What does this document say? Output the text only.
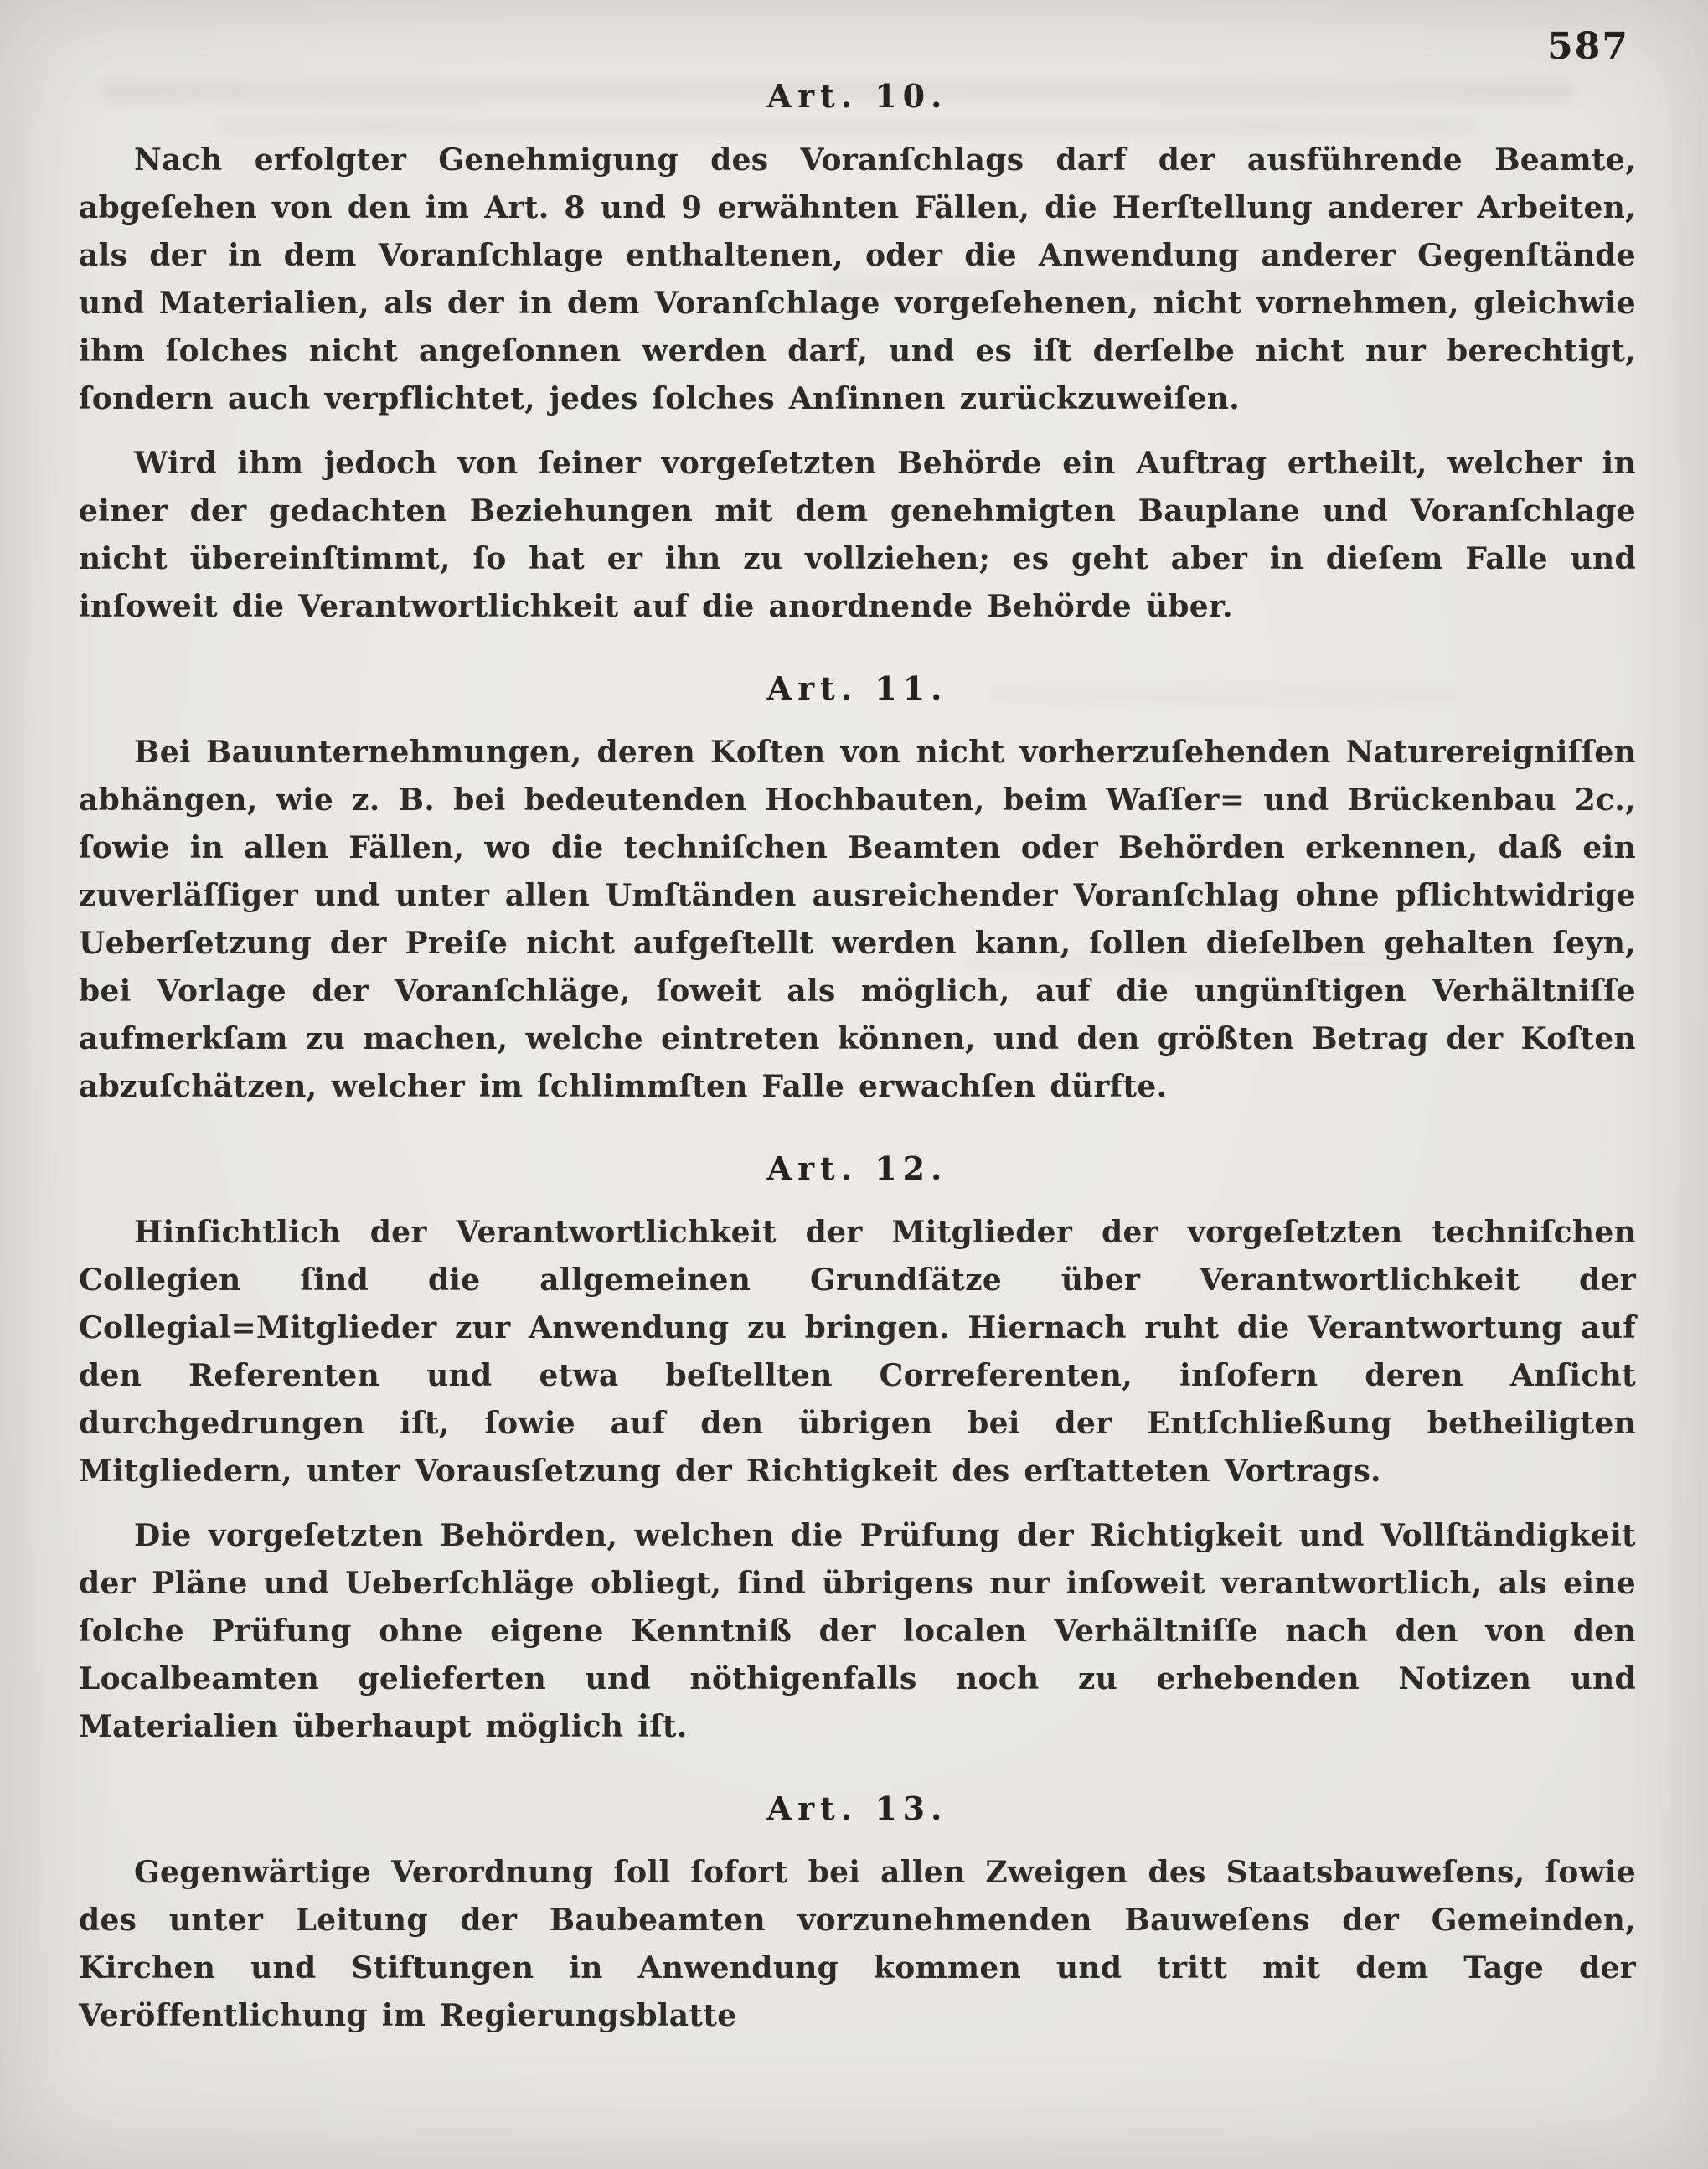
587
Art. 10.

Nach erfolgter Genehmigung des Voranſchlags darf der ausführende Beamte, abgeſehen von den im Art. 8 und 9 erwähnten Fällen, die Herſtellung anderer Arbeiten, als der in dem Voranſchlage enthaltenen, oder die Anwendung anderer Gegenſtände und Materialien, als der in dem Voranſchlage vorgeſehenen, nicht vornehmen, gleichwie ihm ſolches nicht angeſonnen werden darf, und es iſt derſelbe nicht nur berechtigt, ſondern auch verpflichtet, jedes ſolches Anſinnen zurückzuweiſen.

Wird ihm jedoch von ſeiner vorgeſetzten Behörde ein Auftrag ertheilt, welcher in einer der gedachten Beziehungen mit dem genehmigten Bauplane und Voranſchlage nicht übereinſtimmt, ſo hat er ihn zu vollziehen; es geht aber in dieſem Falle und inſoweit die Verantwortlichkeit auf die anordnende Behörde über.

Art. 11.

Bei Bauunternehmungen, deren Koſten von nicht vorherzuſehenden Naturereigniſſen abhängen, wie z. B. bei bedeutenden Hochbauten, beim Waſſer= und Brückenbau 2c., ſowie in allen Fällen, wo die techniſchen Beamten oder Behörden erkennen, daß ein zuverläſſiger und unter allen Umſtänden ausreichender Voranſchlag ohne pflichtwidrige Ueberſetzung der Preiſe nicht aufgeſtellt werden kann, ſollen dieſelben gehalten ſeyn, bei Vorlage der Voranſchläge, ſoweit als möglich, auf die ungünſtigen Verhältniſſe aufmerkſam zu machen, welche eintreten können, und den größten Betrag der Koſten abzuſchätzen, welcher im ſchlimmſten Falle erwachſen dürfte.

Art. 12.

Hinſichtlich der Verantwortlichkeit der Mitglieder der vorgeſetzten techniſchen Collegien ſind die allgemeinen Grundſätze über Verantwortlichkeit der Collegial=Mitglieder zur Anwendung zu bringen. Hiernach ruht die Verantwortung auf den Referenten und etwa beſtellten Correferenten, inſofern deren Anſicht durchgedrungen iſt, ſowie auf den übrigen bei der Entſchließung betheiligten Mitgliedern, unter Vorausſetzung der Richtigkeit des erſtatteten Vortrags.

Die vorgeſetzten Behörden, welchen die Prüfung der Richtigkeit und Vollſtändigkeit der Pläne und Ueberſchläge obliegt, ſind übrigens nur inſoweit verantwortlich, als eine ſolche Prüfung ohne eigene Kenntniß der localen Verhältniſſe nach den von den Localbeamten gelieferten und nöthigenfalls noch zu erhebenden Notizen und Materialien überhaupt möglich iſt.

Art. 13.

Gegenwärtige Verordnung ſoll ſofort bei allen Zweigen des Staatsbauweſens, ſowie des unter Leitung der Baubeamten vorzunehmenden Bauweſens der Gemeinden, Kirchen und Stiftungen in Anwendung kommen und tritt mit dem Tage der Veröffentlichung im Regierungsblatte
